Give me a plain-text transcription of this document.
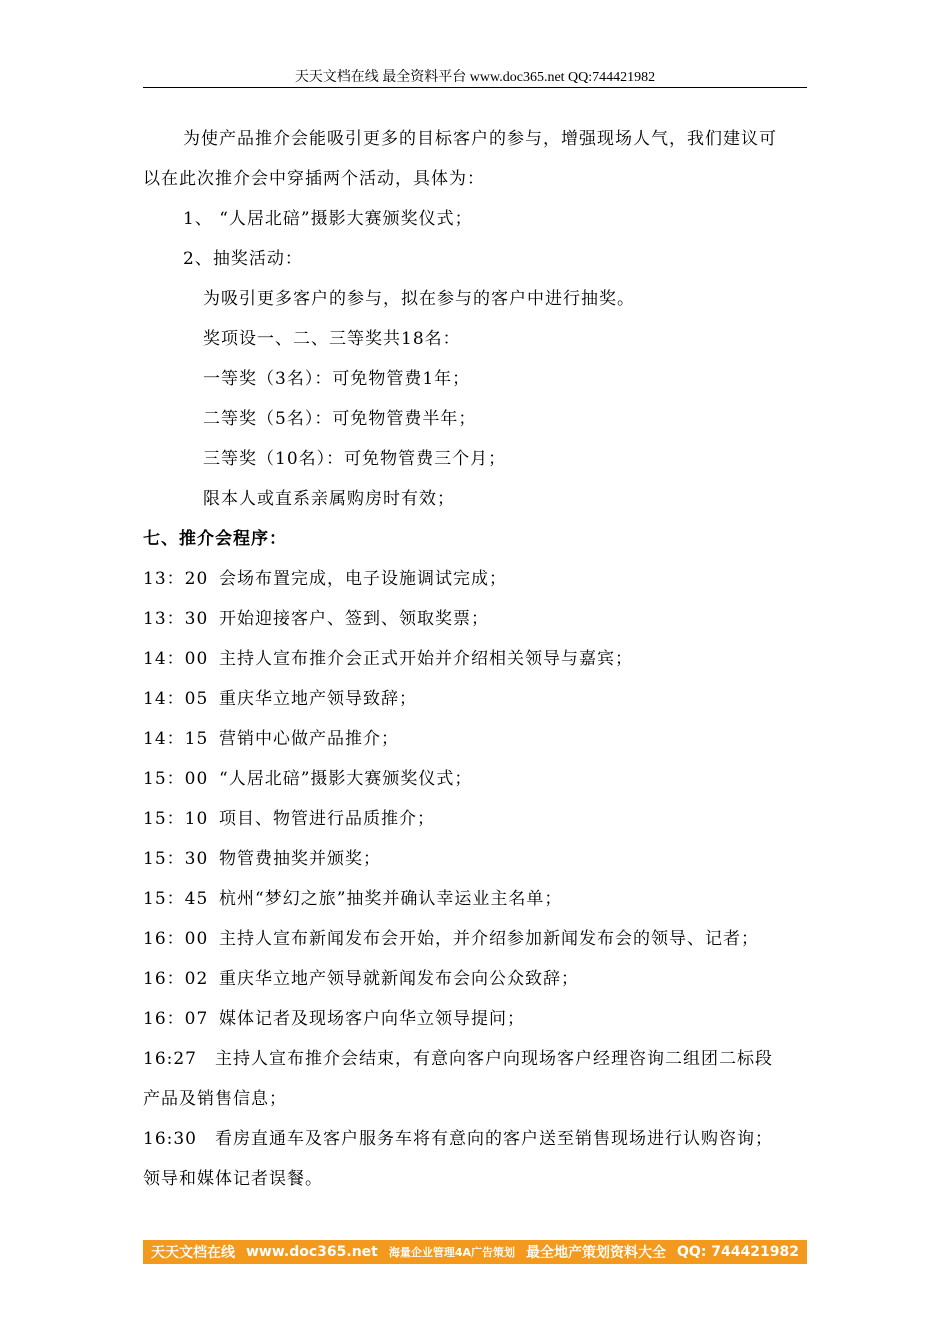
天天文档在线 最全资料平台 www.doc365.net QQ:744421982
为使产品推介会能吸引更多的目标客户的参与，增强现场人气，我们建议可
以在此次推介会中穿插两个活动，具体为：
1、 “人居北碚”摄影大赛颁奖仪式；
2、抽奖活动：
为吸引更多客户的参与，拟在参与的客户中进行抽奖。
奖项设一、二、三等奖共18名：
一等奖（3名）：可免物管费1年；
二等奖（5名）：可免物管费半年；
三等奖（10名）：可免物管费三个月；
限本人或直系亲属购房时有效；
七、推介会程序：
13：20 会场布置完成，电子设施调试完成；
13：30 开始迎接客户、签到、领取奖票；
14：00 主持人宣布推介会正式开始并介绍相关领导与嘉宾；
14：05 重庆华立地产领导致辞；
14：15 营销中心做产品推介；
15：00 “人居北碚”摄影大赛颁奖仪式；
15：10 项目、物管进行品质推介；
15：30 物管费抽奖并颁奖；
15：45 杭州“梦幻之旅”抽奖并确认幸运业主名单；
16：00 主持人宣布新闻发布会开始，并介绍参加新闻发布会的领导、记者；
16：02 重庆华立地产领导就新闻发布会向公众致辞；
16：07 媒体记者及现场客户向华立领导提问；
16:27 主持人宣布推介会结束，有意向客户向现场客户经理咨询二组团二标段
产品及销售信息；
16:30 看房直通车及客户服务车将有意向的客户送至销售现场进行认购咨询；
领导和媒体记者误餐。
天天文档在线 www.doc365.net 海量企业管理4A广告策划 最全地产策划资料大全 QQ: 744421982
